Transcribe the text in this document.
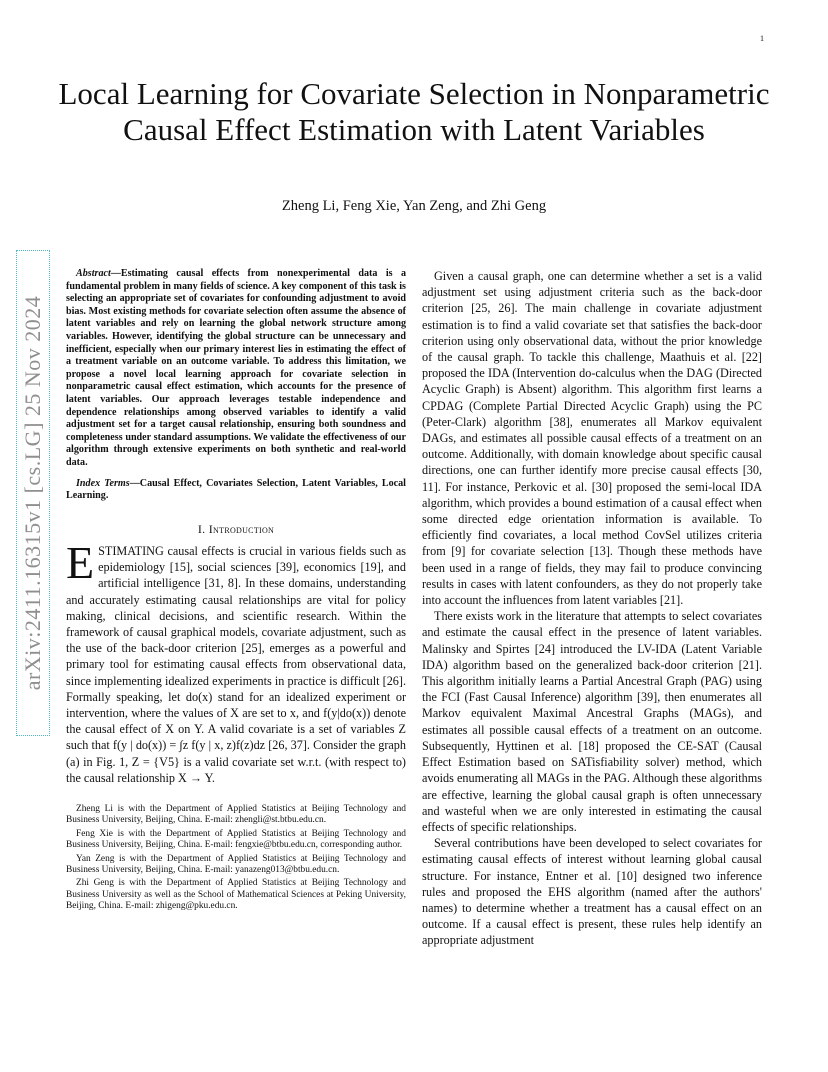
1
arXiv:2411.16315v1 [cs.LG] 25 Nov 2024
Local Learning for Covariate Selection in Nonparametric Causal Effect Estimation with Latent Variables
Zheng Li, Feng Xie, Yan Zeng, and Zhi Geng

Abstract—Estimating causal effects from nonexperimental data is a fundamental problem in many fields of science. A key component of this task is selecting an appropriate set of covariates for confounding adjustment to avoid bias. Most existing methods for covariate selection often assume the absence of latent variables and rely on learning the global network structure among variables. However, identifying the global structure can be unnecessary and inefficient, especially when our primary interest lies in estimating the effect of a treatment variable on an outcome variable. To address this limitation, we propose a novel local learning approach for covariate selection in nonparametric causal effect estimation, which accounts for the presence of latent variables. Our approach leverages testable independence and dependence relationships among observed variables to identify a valid adjustment set for a target causal relationship, ensuring both soundness and completeness under standard assumptions. We validate the effectiveness of our algorithm through extensive experiments on both synthetic and real-world data.

Index Terms—Causal Effect, Covariates Selection, Latent Variables, Local Learning.

I. Introduction

ESTIMATING causal effects is crucial in various fields such as epidemiology [15], social sciences [39], economics [19], and artificial intelligence [31, 8]. In these domains, understanding and accurately estimating causal relationships are vital for policy making, clinical decisions, and scientific research. Within the framework of causal graphical models, covariate adjustment, such as the use of the back-door criterion [25], emerges as a powerful and primary tool for estimating causal effects from observational data, since implementing idealized experiments in practice is difficult [26]. Formally speaking, let do(x) stand for an idealized experiment or intervention, where the values of X are set to x, and f(y|do(x)) denote the causal effect of X on Y. A valid covariate is a set of variables Z such that f(y | do(x)) = ∫z f(y | x, z)f(z)dz [26, 37]. Consider the graph (a) in Fig. 1, Z = {V5} is a valid covariate set w.r.t. (with respect to) the causal relationship X → Y.

Zheng Li is with the Department of Applied Statistics at Beijing Technology and Business University, Beijing, China. E-mail: zhengli@st.btbu.edu.cn.

Feng Xie is with the Department of Applied Statistics at Beijing Technology and Business University, Beijing, China. E-mail: fengxie@btbu.edu.cn, corresponding author.

Yan Zeng is with the Department of Applied Statistics at Beijing Technology and Business University, Beijing, China. E-mail: yanazeng013@btbu.edu.cn.

Zhi Geng is with the Department of Applied Statistics at Beijing Technology and Business University as well as the School of Mathematical Sciences at Peking University, Beijing, China. E-mail: zhigeng@pku.edu.cn.

Given a causal graph, one can determine whether a set is a valid adjustment set using adjustment criteria such as the back-door criterion [25, 26]. The main challenge in covariate adjustment estimation is to find a valid covariate set that satisfies the back-door criterion using only observational data, without the prior knowledge of the causal graph. To tackle this challenge, Maathuis et al. [22] proposed the IDA (Intervention do-calculus when the DAG (Directed Acyclic Graph) is Absent) algorithm. This algorithm first learns a CPDAG (Complete Partial Directed Acyclic Graph) using the PC (Peter-Clark) algorithm [38], enumerates all Markov equivalent DAGs, and estimates all possible causal effects of a treatment on an outcome. Additionally, with domain knowledge about specific causal directions, one can further identify more precise causal effects [30, 11]. For instance, Perkovic et al. [30] proposed the semi-local IDA algorithm, which provides a bound estimation of a causal effect when some directed edge orientation information is available. To efficiently find covariates, a local method CovSel utilizes criteria from [9] for covariate selection [13]. Though these methods have been used in a range of fields, they may fail to produce convincing results in cases with latent confounders, as they do not properly take into account the influences from latent variables [21].

There exists work in the literature that attempts to select covariates and estimate the causal effect in the presence of latent variables. Malinsky and Spirtes [24] introduced the LV-IDA (Latent Variable IDA) algorithm based on the generalized back-door criterion [21]. This algorithm initially learns a Partial Ancestral Graph (PAG) using the FCI (Fast Causal Inference) algorithm [39], then enumerates all Markov equivalent Maximal Ancestral Graphs (MAGs), and estimates all possible causal effects of a treatment on an outcome. Subsequently, Hyttinen et al. [18] proposed the CE-SAT (Causal Effect Estimation based on SATisfiability solver) method, which avoids enumerating all MAGs in the PAG. Although these algorithms are effective, learning the global causal graph is often unnecessary and wasteful when we are only interested in estimating the causal effects of specific relationships.

Several contributions have been developed to select covariates for estimating causal effects of interest without learning global causal structure. For instance, Entner et al. [10] designed two inference rules and proposed the EHS algorithm (named after the authors' names) to determine whether a treatment has a causal effect on an outcome. If a causal effect is present, these rules help identify an appropriate adjustment
